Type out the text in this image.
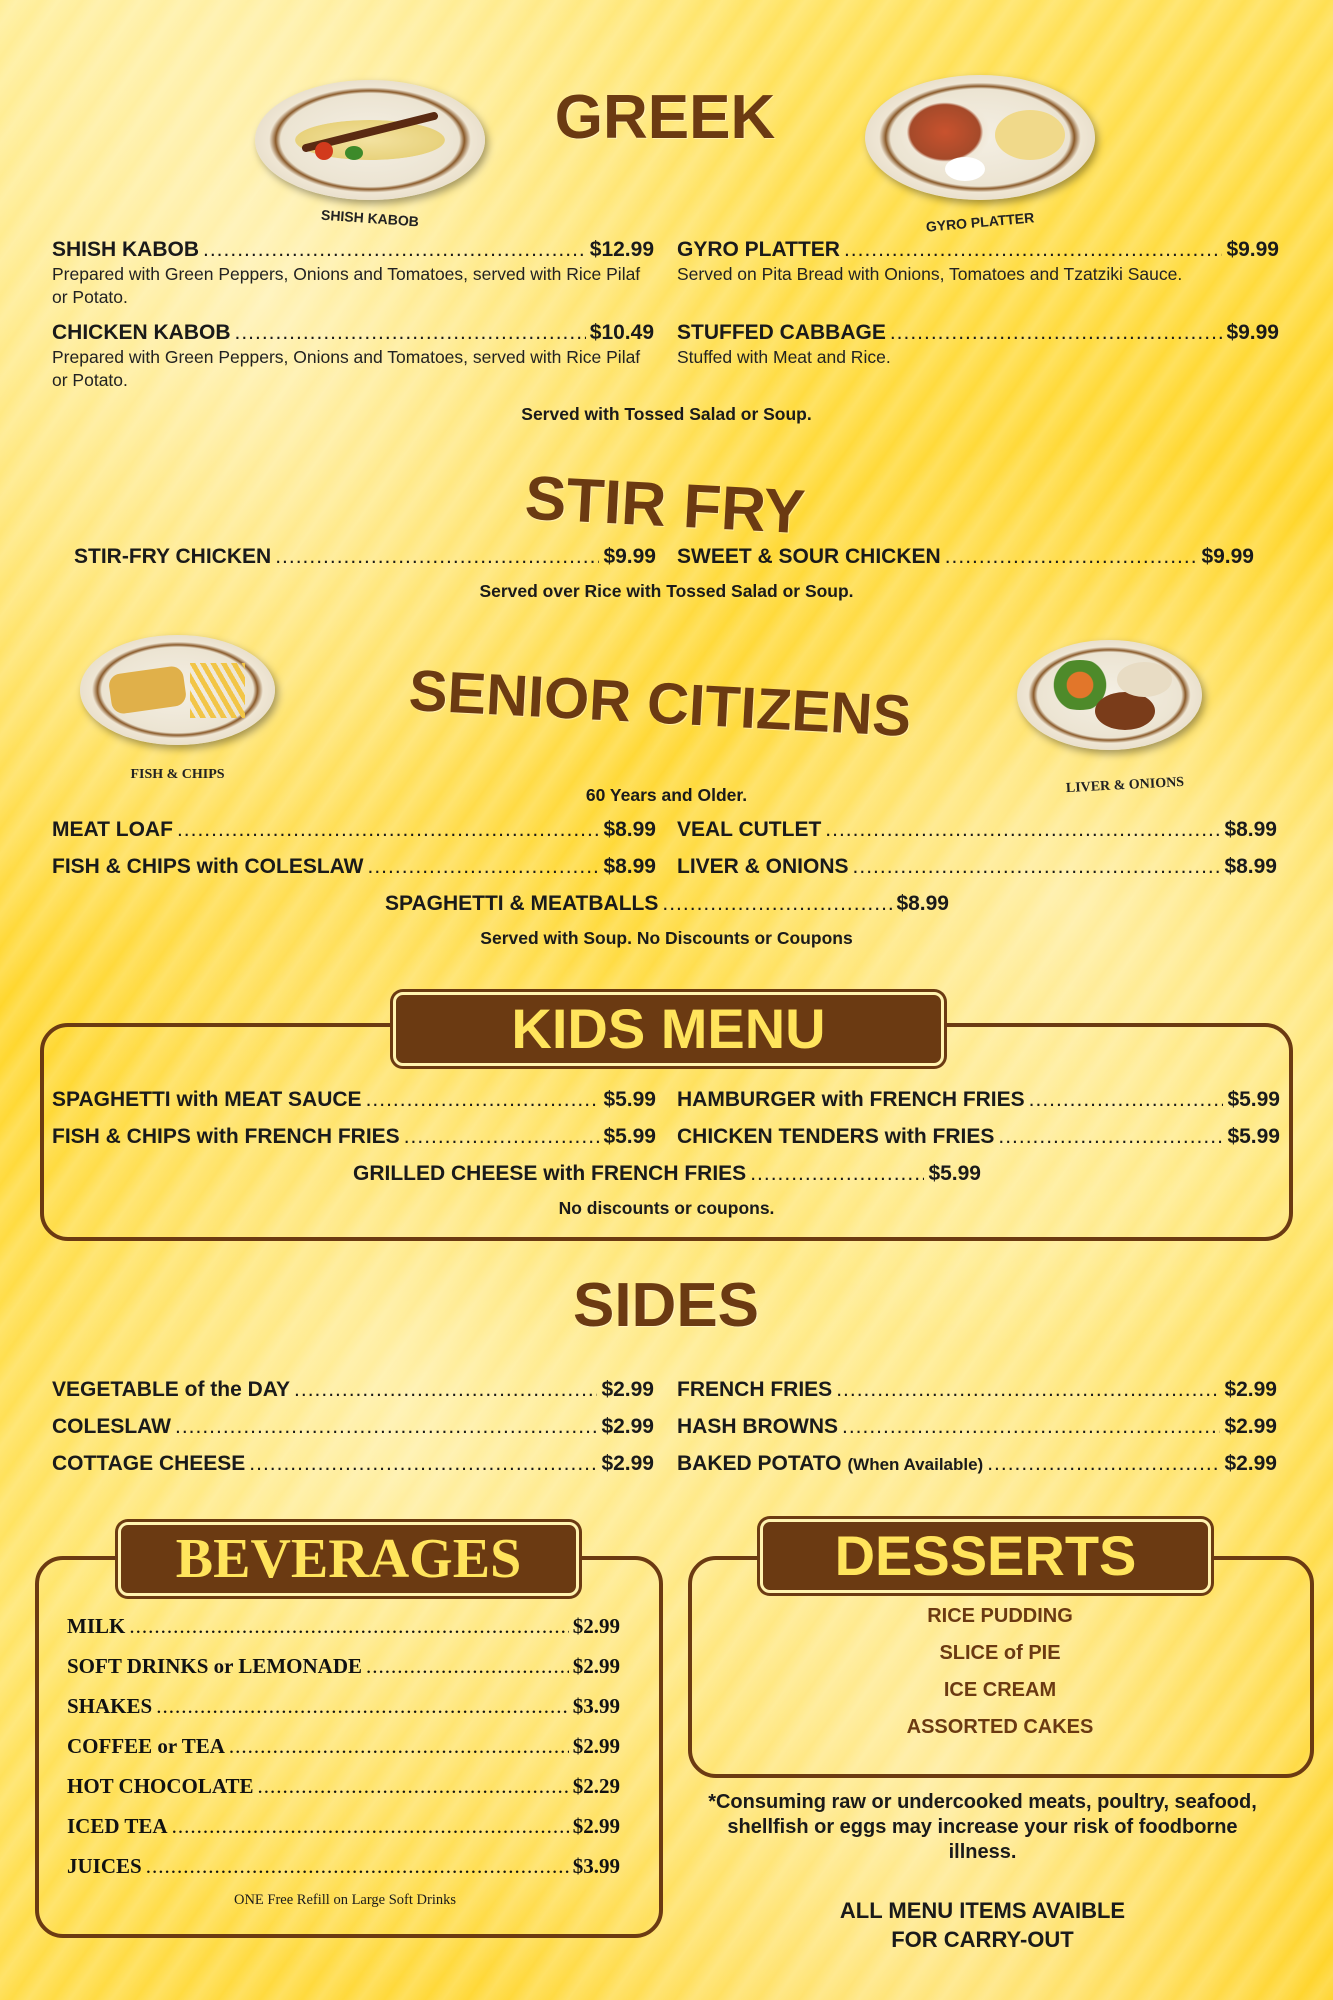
SHISH KABOB
GREEK
GYRO PLATTER
SHISH KABOB .....	$12.99
Prepared with Green Peppers, Onions and Tomatoes, served with Rice Pilaf or Potato.
CHICKEN KABOB .....	$10.49
Prepared with Green Peppers, Onions and Tomatoes, served with Rice Pilaf or Potato.
GYRO PLATTER .....	$9.99
Served on Pita Bread with Onions, Tomatoes and Tzatziki Sauce.
STUFFED CABBAGE .....	$9.99
Stuffed with Meat and Rice.
Served with Tossed Salad or Soup.
STIR FRY
STIR-FRY CHICKEN .....	$9.99 SWEET & SOUR CHICKEN .....	$9.99
Served over Rice with Tossed Salad or Soup.
FISH & CHIPS
SENIOR CITIZENS
LIVER & ONIONS
60 Years and Older.
MEAT LOAF .....	$8.99
FISH & CHIPS with COLESLAW .....	$8.99
VEAL CUTLET .....	$8.99
LIVER & ONIONS .....	$8.99
SPAGHETTI & MEATBALLS .....	$8.99
Served with Soup. No Discounts or Coupons
KIDS MENU
SPAGHETTI with MEAT SAUCE .....	$5.99
FISH & CHIPS with FRENCH FRIES .....	$5.99
HAMBURGER with FRENCH FRIES .....	$5.99
CHICKEN TENDERS with FRIES .....	$5.99
GRILLED CHEESE with FRENCH FRIES .....	$5.99
No discounts or coupons.
SIDES
VEGETABLE of the DAY .....	$2.99
COLESLAW .....	$2.99
COTTAGE CHEESE .....	$2.99
FRENCH FRIES .....	$2.99
HASH BROWNS .....	$2.99
BAKED POTATO (When Available) .....	$2.99
BEVERAGES
MILK .....	$2.99
SOFT DRINKS or LEMONADE .....	$2.99
SHAKES .....	$3.99
COFFEE or TEA .....	$2.99
HOT CHOCOLATE .....	$2.29
ICED TEA .....	$2.99
JUICES .....	$3.99
ONE Free Refill on Large Soft Drinks
DESSERTS
RICE PUDDING
SLICE of PIE
ICE CREAM
ASSORTED CAKES
*Consuming raw or undercooked meats, poultry, seafood, shellfish or eggs may increase your risk of foodborne illness.
ALL MENU ITEMS AVAIBLE
FOR CARRY-OUT
